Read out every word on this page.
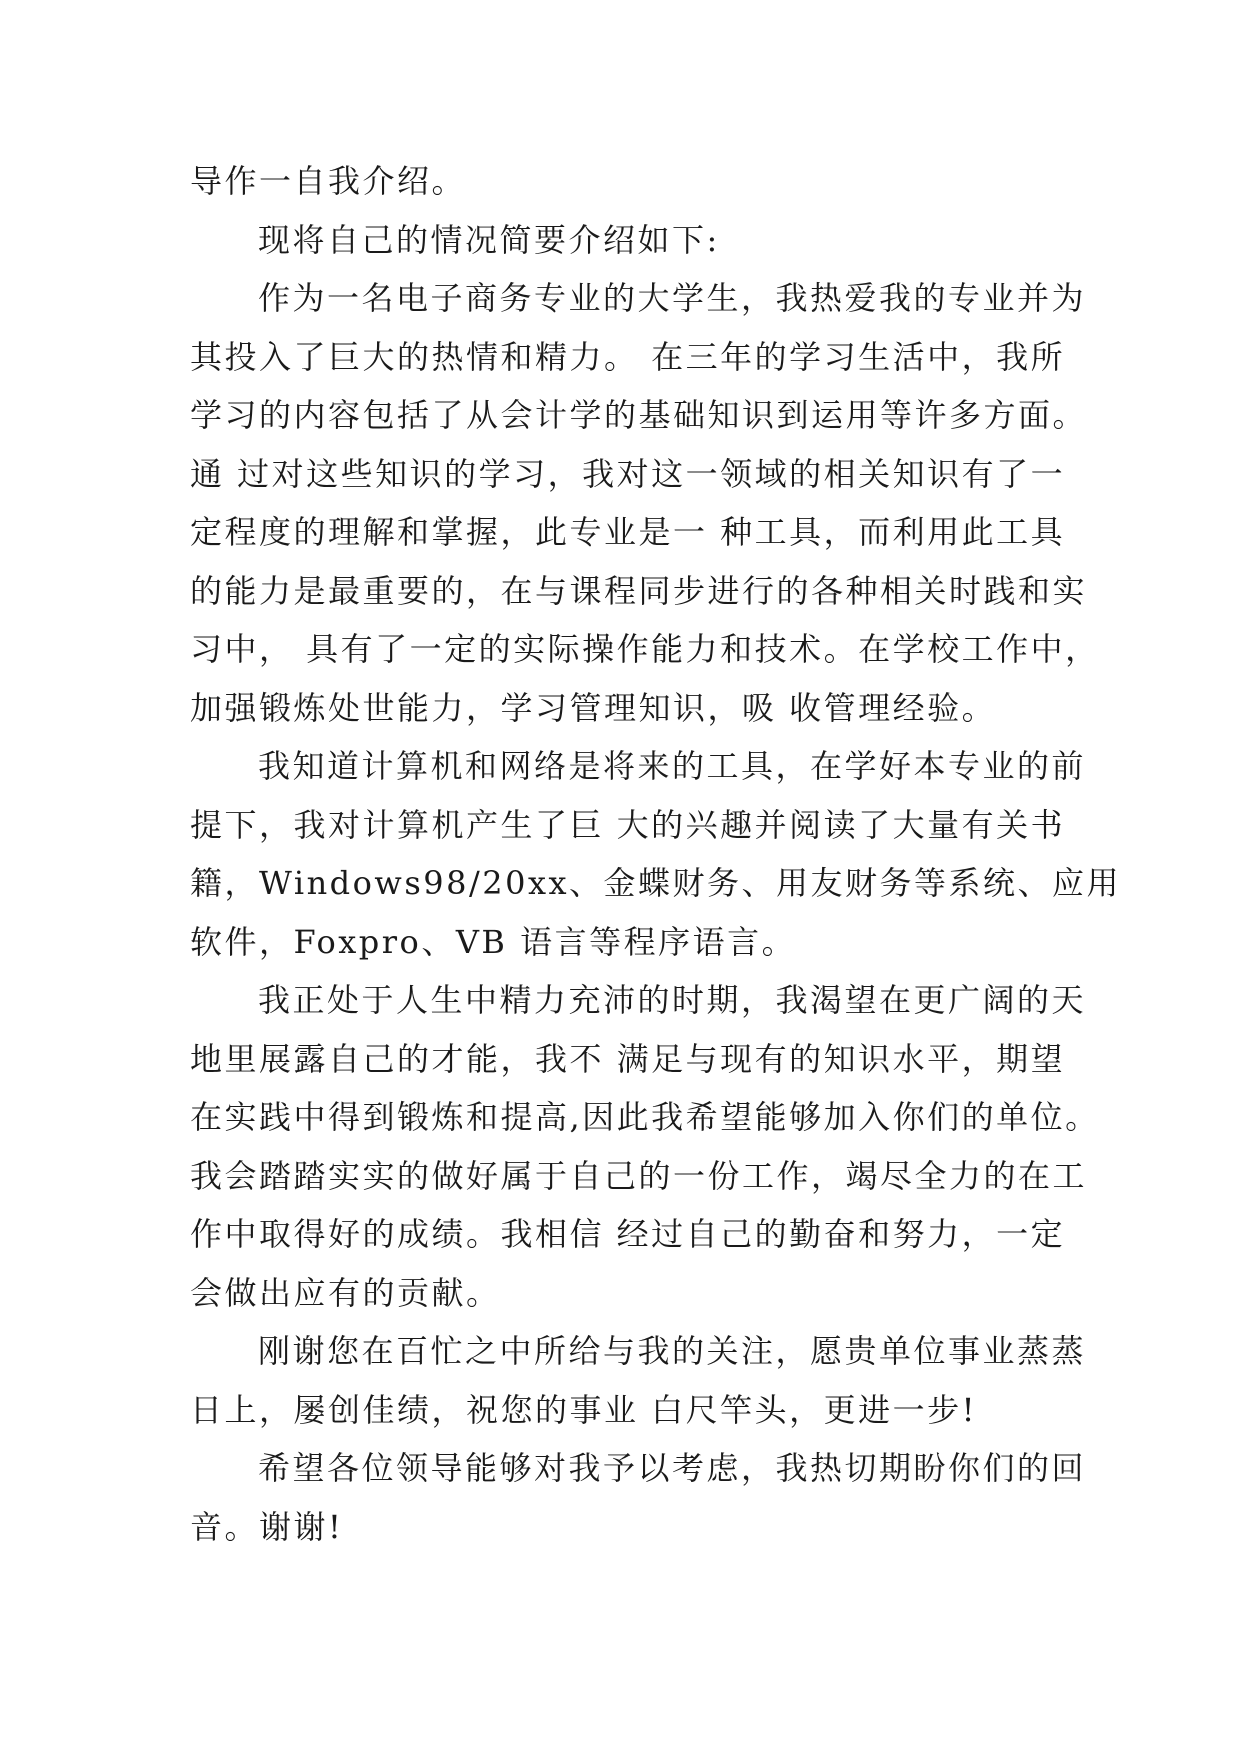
导作一自我介绍。
现将自己的情况简要介绍如下:
作为一名电子商务专业的大学生，我热爱我的专业并为
其投入了巨大的热情和精力。 在三年的学习生活中，我所
学习的内容包括了从会计学的基础知识到运用等许多方面。
通 过对这些知识的学习，我对这一领域的相关知识有了一
定程度的理解和掌握，此专业是一 种工具，而利用此工具
的能力是最重要的，在与课程同步进行的各种相关时践和实
习中， 具有了一定的实际操作能力和技术。在学校工作中，
加强锻炼处世能力，学习管理知识，吸 收管理经验。
我知道计算机和网络是将来的工具，在学好本专业的前
提下，我对计算机产生了巨 大的兴趣并阅读了大量有关书
籍，Windows98/20xx、金蝶财务、用友财务等系统、应用
软件，Foxpro、VB 语言等程序语言。
我正处于人生中精力充沛的时期，我渴望在更广阔的天
地里展露自己的才能，我不 满足与现有的知识水平，期望
在实践中得到锻炼和提高,因此我希望能够加入你们的单位。
我会踏踏实实的做好属于自己的一份工作，竭尽全力的在工
作中取得好的成绩。我相信 经过自己的勤奋和努力，一定
会做出应有的贡献。
刚谢您在百忙之中所给与我的关注，愿贵单位事业蒸蒸
日上，屡创佳绩，祝您的事业 白尺竿头，更进一步!
希望各位领导能够对我予以考虑，我热切期盼你们的回
音。谢谢!
